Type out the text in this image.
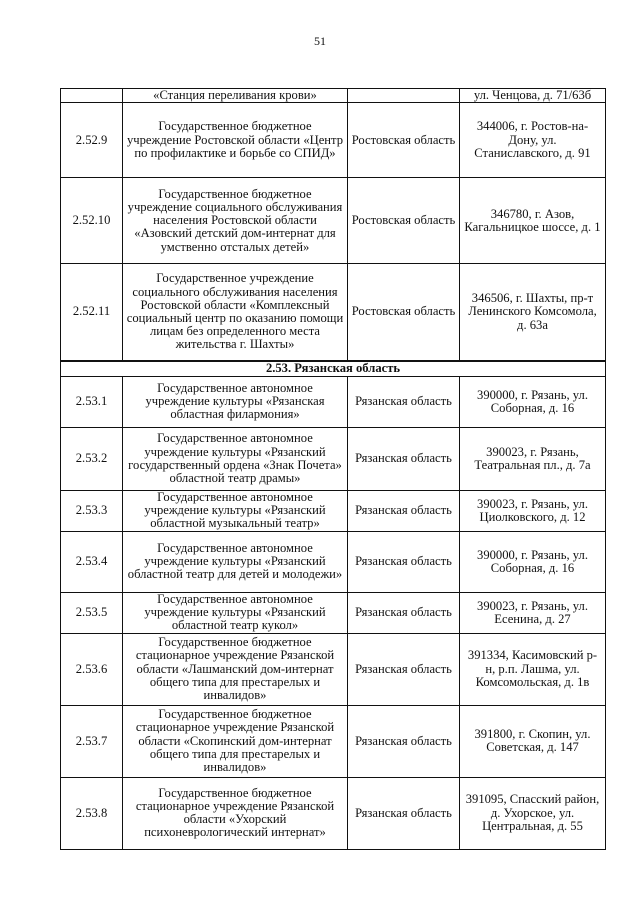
51
	«Станция переливания крови»		ул. Ченцова, д. 71/63б
2.52.9	Государственное бюджетное учреждение Ростовской области «Центр по профилактике и борьбе со СПИД»	Ростовская область	344006, г. Ростов-на-Дону, ул. Станиславского, д. 91
2.52.10	Государственное бюджетное учреждение социального обслуживания населения Ростовской области «Азовский детский дом-интернат для умственно отсталых детей»	Ростовская область	346780, г. Азов, Кагальницкое шоссе, д. 1
2.52.11	Государственное учреждение социального обслуживания населения Ростовской области «Комплексный социальный центр по оказанию помощи лицам без определенного места жительства г. Шахты»	Ростовская область	346506, г. Шахты, пр-т Ленинского Комсомола, д. 63а
2.53. Рязанская область			
2.53.1	Государственное автономное учреждение культуры «Рязанская областная филармония»	Рязанская область	390000, г. Рязань, ул. Соборная, д. 16
2.53.2	Государственное автономное учреждение культуры «Рязанский государственный ордена «Знак Почета» областной театр драмы»	Рязанская область	390023, г. Рязань, Театральная пл., д. 7а
2.53.3	Государственное автономное учреждение культуры «Рязанский областной музыкальный театр»	Рязанская область	390023, г. Рязань, ул. Циолковского, д. 12
2.53.4	Государственное автономное учреждение культуры «Рязанский областной театр для детей и молодежи»	Рязанская область	390000, г. Рязань, ул. Соборная, д. 16
2.53.5	Государственное автономное учреждение культуры «Рязанский областной театр кукол»	Рязанская область	390023, г. Рязань, ул. Есенина, д. 27
2.53.6	Государственное бюджетное стационарное учреждение Рязанской области «Лашманский дом-интернат общего типа для престарелых и инвалидов»	Рязанская область	391334, Касимовский р-н, р.п. Лашма, ул. Комсомольская, д. 1в
2.53.7	Государственное бюджетное стационарное учреждение Рязанской области «Скопинский дом-интернат общего типа для престарелых и инвалидов»	Рязанская область	391800, г. Скопин, ул. Советская, д. 147
2.53.8	Государственное бюджетное стационарное учреждение Рязанской области «Ухорский психоневрологический интернат»	Рязанская область	391095, Спасский район, д. Ухорское, ул. Центральная, д. 55
